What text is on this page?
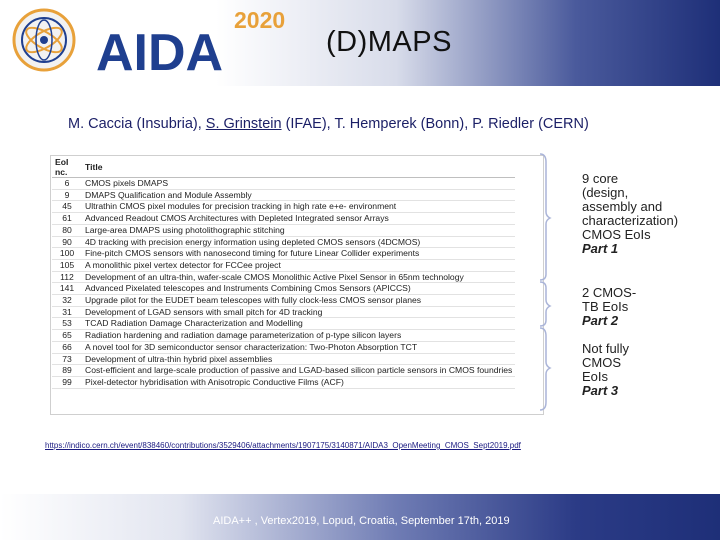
AIDA
2020
(D)MAPS
M. Caccia (Insubria), S. Grinstein (IFAE), T. Hemperek (Bonn), P. Riedler (CERN)
EoI nc.	Title
6	CMOS pixels DMAPS
9	DMAPS Qualification and Module Assembly
45	Ultrathin CMOS pixel modules for precision tracking in high rate e+e- environment
61	Advanced Readout CMOS Architectures with Depleted Integrated sensor Arrays
80	Large-area DMAPS using photolithographic stitching
90	4D tracking with precision energy information using depleted CMOS sensors (4DCMOS)
100	Fine-pitch CMOS sensors with nanosecond timing for future Linear Collider experiments
105	A monolithic pixel vertex detector for FCCee project
112	Development of an ultra-thin, wafer-scale CMOS Monolithic Active Pixel Sensor in 65nm technology
141	Advanced Pixelated telescopes and Instruments Combining Cmos Sensors (APICCS)
32	Upgrade pilot for the EUDET beam telescopes with fully clock-less CMOS sensor planes
31	Development of LGAD sensors with small pitch for 4D tracking
53	TCAD Radiation Damage Characterization and Modelling
65	Radiation hardening and radiation damage parameterization of p-type silicon layers
66	A novel tool for 3D semiconductor sensor characterization: Two-Photon Absorption TCT
73	Development of ultra-thin hybrid pixel assemblies
89	Cost-efficient and large-scale production of passive and LGAD-based silicon particle sensors in CMOS foundries
99	Pixel-detector hybridisation with Anisotropic Conductive Films (ACF)
9 core
(design,
assembly and
characterization)
CMOS EoIs
Part 1
2 CMOS-
TB EoIs
Part 2
Not fully
CMOS
EoIs
Part 3
https://indico.cern.ch/event/838460/contributions/3529406/attachments/1907175/3140871/AIDA3_OpenMeeting_CMOS_Sept2019.pdf
AIDA++ , Vertex2019, Lopud, Croatia, September 17th, 2019
